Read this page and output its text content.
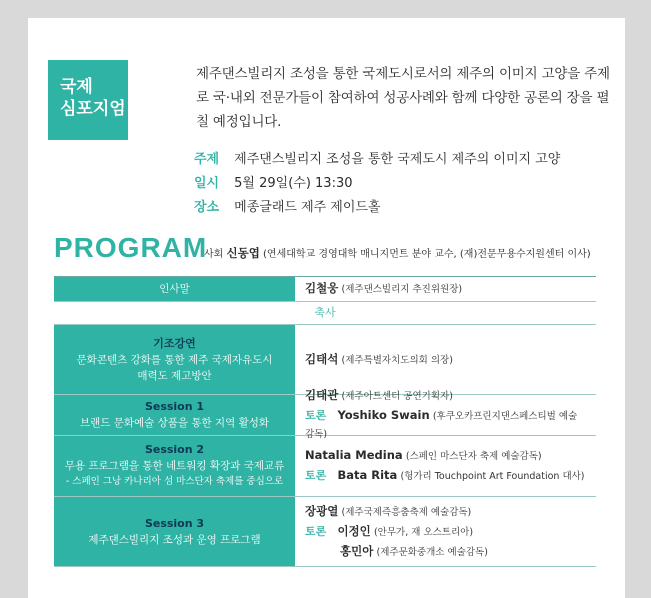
국제
심포지엄
제주댄스빌리지 조성을 통한 국제도시로서의 제주의 이미지 고양을 주제로 국·내외 전문가들이 참여하여 성공사례와 함께 다양한 공론의 장을 펼칠 예정입니다.
주제 제주댄스빌리지 조성을 통한 국제도시 제주의 이미지 고양
일시 5월 29일(수) 13:30
장소 메종글래드 제주 제이드홀
PROGRAM
사회 신동엽 (연세대학교 경영대학 매니지먼트 분야 교수, (재)전문무용수지원센터 이사)
인사말	김철웅 (제주댄스빌리지 추진위원장)
축사
기조강연
문화콘텐츠 강화를 통한 제주 국제자유도시
매력도 제고방안
김태석 (제주특별자치도의회 의장)
Session 1
브랜드 문화예술 상품을 통한 지역 활성화
김태관 (제주아트센터 공연기획자)
토론 Yoshiko Swain (후쿠오카프린지댄스페스티벌 예술감독)
Session 2
무용 프로그램을 통한 네트워킹 확장과 국제교류
- 스페인 그낭 카나리아 섬 마스단자 축제를 중심으로
Natalia Medina (스페인 마스단자 축제 예술감독)
토론 Bata Rita (헝가리 Touchpoint Art Foundation 대사)
Session 3
제주댄스빌리지 조성과 운영 프로그램
장광열 (제주국제즉흥춤축제 예술감독)
토론 이정인 (안무가, 재 오스트리아)
홍민아 (제주문화중개소 예술감독)
